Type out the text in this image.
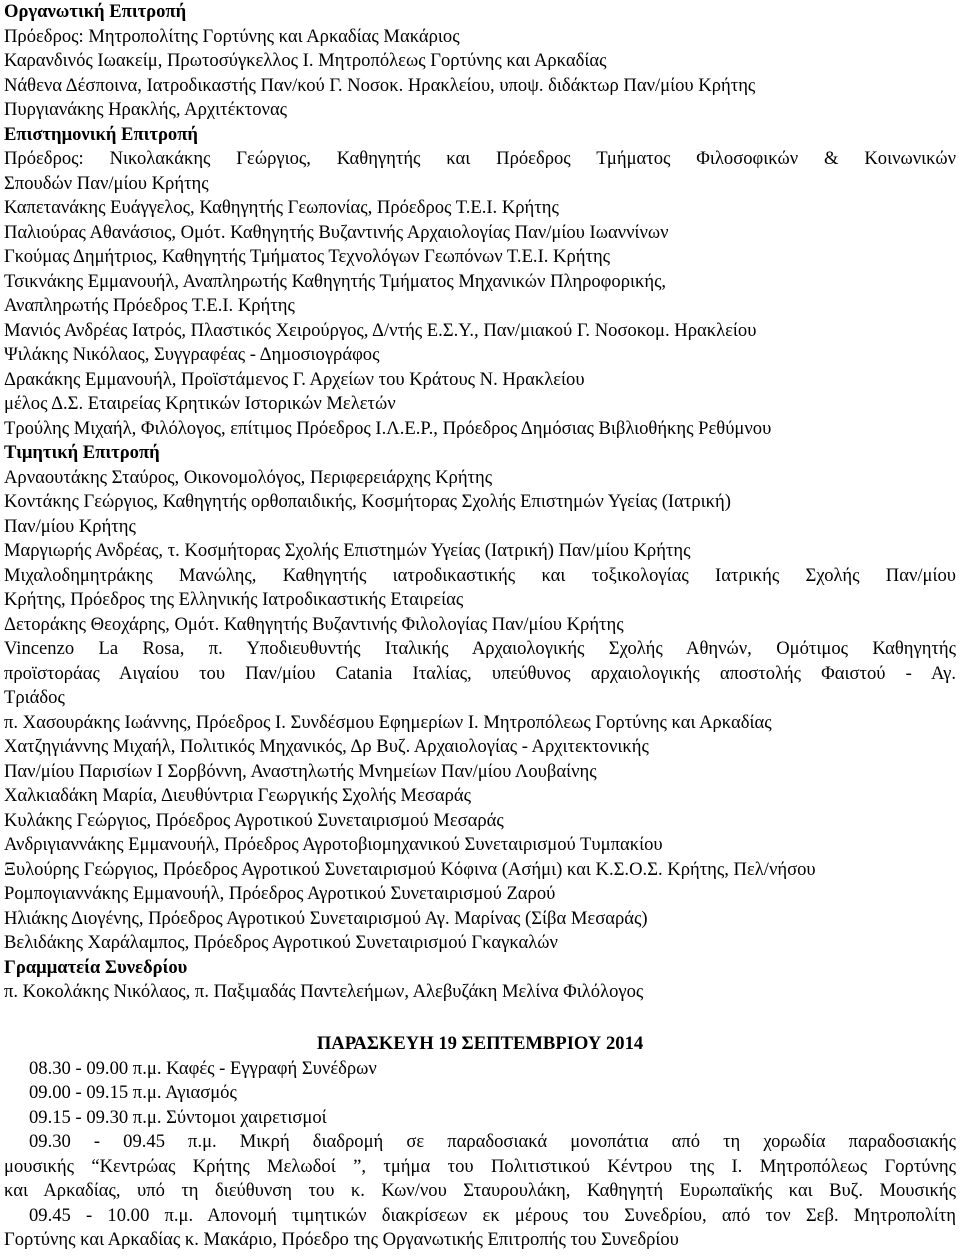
Οργανωτική Επιτροπή
Πρόεδρος: Μητροπολίτης Γορτύνης και Αρκαδίας Μακάριος
Καρανδινός Ιωακείμ, Πρωτοσύγκελλος Ι. Μητροπόλεως Γορτύνης και Αρκαδίας
Νάθενα Δέσποινα, Ιατροδικαστής Παν/κού Γ. Νοσοκ. Ηρακλείου, υποψ. διδάκτωρ Παν/μίου Κρήτης
Πυργιανάκης Ηρακλής, Αρχιτέκτονας
Επιστημονική Επιτροπή
Πρόεδρος: Νικολακάκης Γεώργιος, Καθηγητής και Πρόεδρος Τμήματος Φιλοσοφικών & Κοινωνικών
Σπουδών Παν/μίου Κρήτης
Καπετανάκης Ευάγγελος, Καθηγητής Γεωπονίας, Πρόεδρος Τ.Ε.Ι. Κρήτης
Παλιούρας Αθανάσιος, Ομότ. Καθηγητής Βυζαντινής Αρχαιολογίας Παν/μίου Ιωαννίνων
Γκούμας Δημήτριος, Καθηγητής Τμήματος Τεχνολόγων Γεωπόνων Τ.Ε.Ι. Κρήτης
Τσικνάκης Εμμανουήλ, Αναπληρωτής Καθηγητής Τμήματος Μηχανικών Πληροφορικής,
Αναπληρωτής Πρόεδρος Τ.Ε.Ι. Κρήτης
Μανιός Ανδρέας Ιατρός, Πλαστικός Χειρούργος, Δ/ντής Ε.Σ.Υ., Παν/μιακού Γ. Νοσοκομ. Ηρακλείου
Ψιλάκης Νικόλαος, Συγγραφέας - Δημοσιογράφος
Δρακάκης Εμμανουήλ, Προϊστάμενος Γ. Αρχείων του Κράτους Ν. Ηρακλείου
μέλος Δ.Σ. Εταιρείας Κρητικών Ιστορικών Μελετών
Τρούλης Μιχαήλ, Φιλόλογος, επίτιμος Πρόεδρος Ι.Λ.Ε.Ρ., Πρόεδρος Δημόσιας Βιβλιοθήκης Ρεθύμνου
Τιμητική Επιτροπή
Αρναουτάκης Σταύρος, Οικονομολόγος, Περιφερειάρχης Κρήτης
Κοντάκης Γεώργιος, Καθηγητής ορθοπαιδικής, Κοσμήτορας Σχολής Επιστημών Υγείας (Ιατρική)
Παν/μίου Κρήτης
Μαργιωρής Ανδρέας, τ. Κοσμήτορας Σχολής Επιστημών Υγείας (Ιατρική) Παν/μίου Κρήτης
Μιχαλοδημητράκης Μανώλης, Καθηγητής ιατροδικαστικής και τοξικολογίας Ιατρικής Σχολής Παν/μίου
Κρήτης, Πρόεδρος της Ελληνικής Ιατροδικαστικής Εταιρείας
Δετοράκης Θεοχάρης, Ομότ. Καθηγητής Βυζαντινής Φιλολογίας Παν/μίου Κρήτης
Vincenzo La Rosa, π. Υποδιευθυντής Ιταλικής Αρχαιολογικής Σχολής Αθηνών, Ομότιμος Καθηγητής
προϊστοράας Αιγαίου του Παν/μίου Catania Ιταλίας, υπεύθυνος αρχαιολογικής αποστολής Φαιστού - Αγ.
Τριάδος
π. Χασουράκης Ιωάννης, Πρόεδρος Ι. Συνδέσμου Εφημερίων Ι. Μητροπόλεως Γορτύνης και Αρκαδίας
Χατζηγιάννης Μιχαήλ, Πολιτικός Μηχανικός, Δρ Βυζ. Αρχαιολογίας - Αρχιτεκτονικής
Παν/μίου Παρισίων Ι Σορβόννη, Αναστηλωτής Μνημείων Παν/μίου Λουβαίνης
Χαλκιαδάκη Μαρία, Διευθύντρια Γεωργικής Σχολής Μεσαράς
Κυλάκης Γεώργιος, Πρόεδρος Αγροτικού Συνεταιρισμού Μεσαράς
Ανδριγιαννάκης Εμμανουήλ, Πρόεδρος Αγροτοβιομηχανικού Συνεταιρισμού Τυμπακίου
Ξυλούρης Γεώργιος, Πρόεδρος Αγροτικού Συνεταιρισμού Κόφινα (Ασήμι) και Κ.Σ.Ο.Σ. Κρήτης, Πελ/νήσου
Ρομπογιαννάκης Εμμανουήλ, Πρόεδρος Αγροτικού Συνεταιρισμού Ζαρού
Ηλιάκης Διογένης, Πρόεδρος Αγροτικού Συνεταιρισμού Αγ. Μαρίνας (Σίβα Μεσαράς)
Βελιδάκης Χαράλαμπος, Πρόεδρος Αγροτικού Συνεταιρισμού Γκαγκαλών
Γραμματεία Συνεδρίου
π. Κοκολάκης Νικόλαος, π. Παξιμαδάς Παντελεήμων, Αλεβυζάκη Μελίνα Φιλόλογος
ΠΑΡΑΣΚΕΥΗ 19 ΣΕΠΤΕΜΒΡΙΟΥ 2014
08.30 - 09.00 π.μ. Καφές - Εγγραφή Συνέδρων
09.00 - 09.15 π.μ. Αγιασμός
09.15 - 09.30 π.μ. Σύντομοι χαιρετισμοί
09.30 - 09.45 π.μ. Μικρή διαδρομή σε παραδοσιακά μονοπάτια από τη χορωδία παραδοσιακής
μουσικής “Κεντρώας Κρήτης Μελωδοί ”, τμήμα του Πολιτιστικού Κέντρου της Ι. Μητροπόλεως Γορτύνης
και Αρκαδίας, υπό τη διεύθυνση του κ. Κων/νου Σταυρουλάκη, Καθηγητή Ευρωπαϊκής και Βυζ. Μουσικής
09.45 - 10.00 π.μ. Απονομή τιμητικών διακρίσεων εκ μέρους του Συνεδρίου, από τον Σεβ. Μητροπολίτη
Γορτύνης και Αρκαδίας κ. Μακάριο, Πρόεδρο της Οργανωτικής Επιτροπής του Συνεδρίου
